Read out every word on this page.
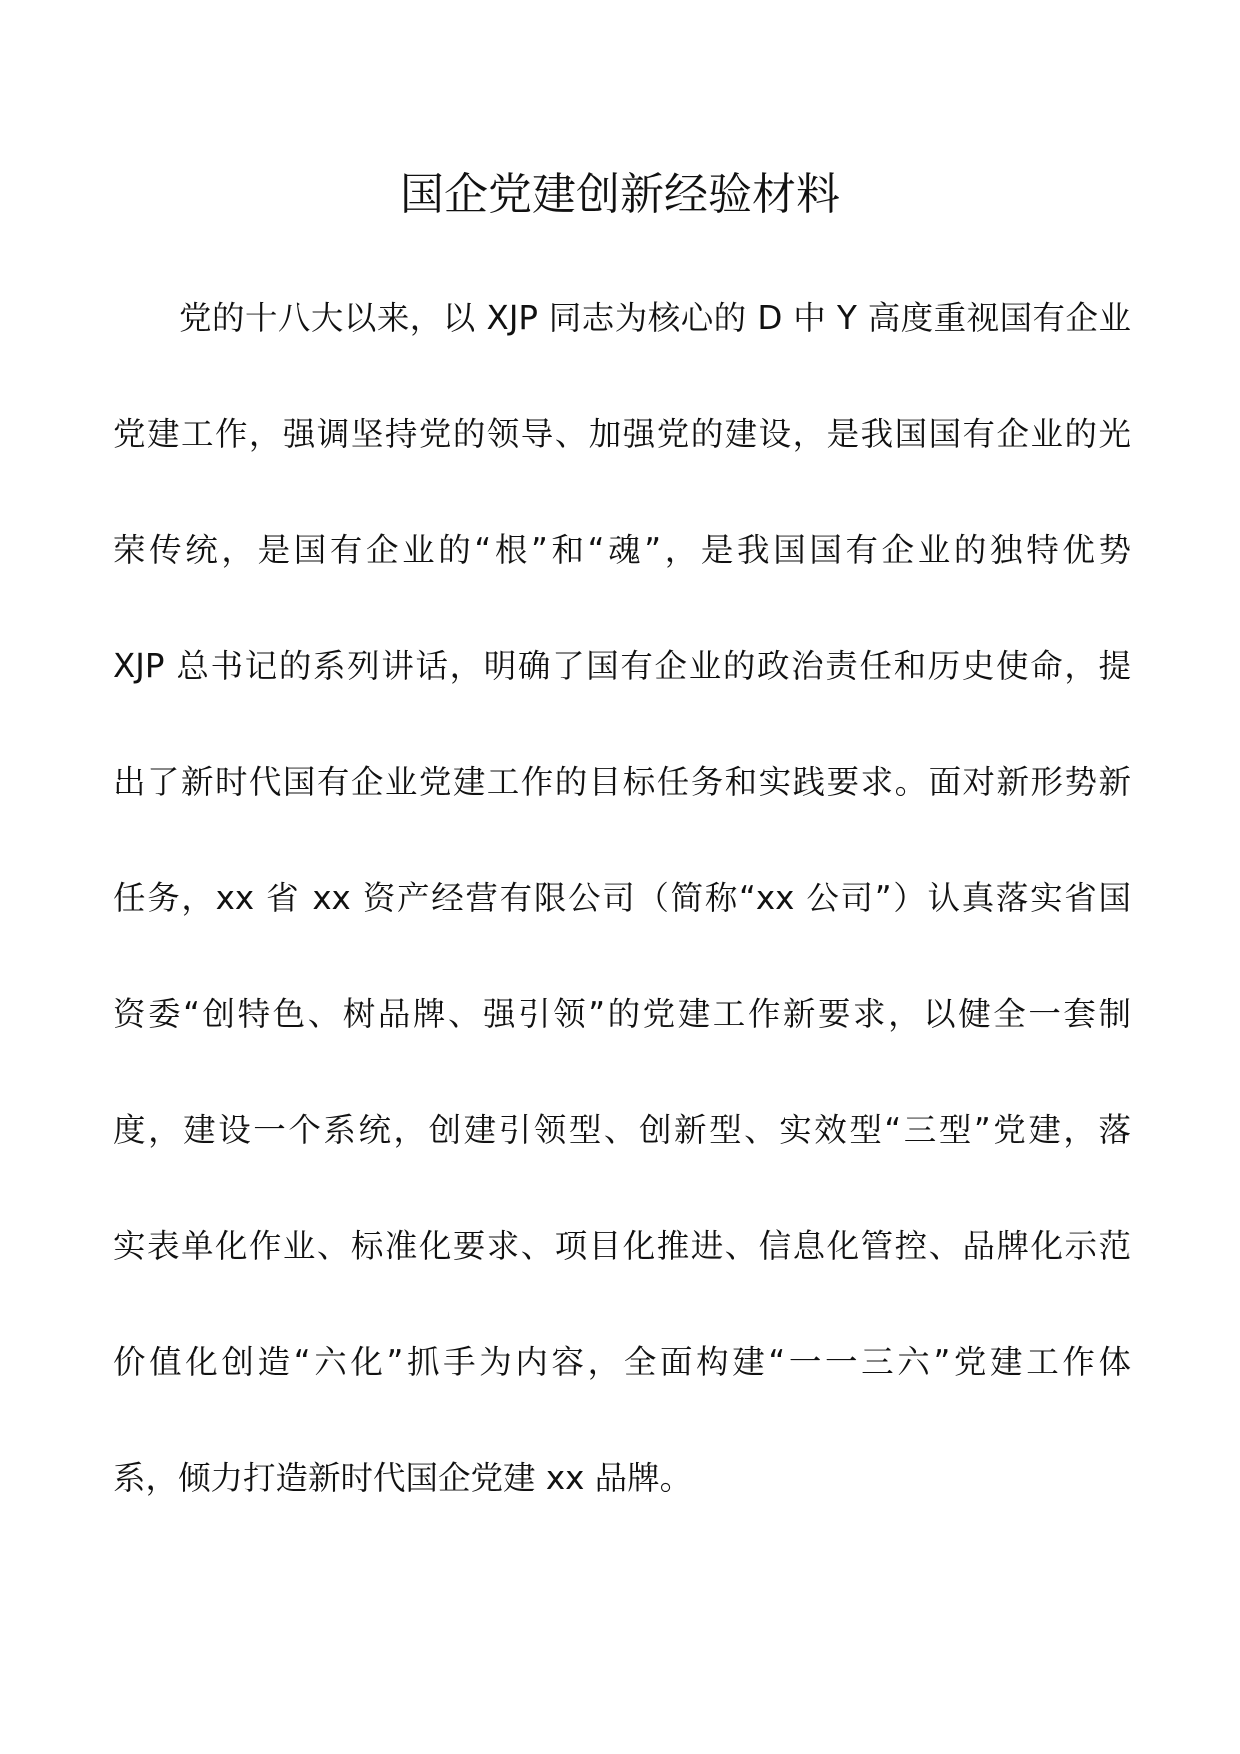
国企党建创新经验材料
党的十八大以来，以 XJP 同志为核心的 D 中 Y 高度重视国有企业
党建工作，强调坚持党的领导、加强党的建设，是我国国有企业的光
荣传统，是国有企业的“根”和“魂”，是我国国有企业的独特优势
XJP 总书记的系列讲话，明确了国有企业的政治责任和历史使命，提
出了新时代国有企业党建工作的目标任务和实践要求。面对新形势新
任务，xx 省 xx 资产经营有限公司（简称“xx 公司”）认真落实省国
资委“创特色、树品牌、强引领”的党建工作新要求，以健全一套制
度，建设一个系统，创建引领型、创新型、实效型“三型”党建，落
实表单化作业、标准化要求、项目化推进、信息化管控、品牌化示范
价值化创造“六化”抓手为内容，全面构建“一一三六”党建工作体
系，倾力打造新时代国企党建 xx 品牌。
